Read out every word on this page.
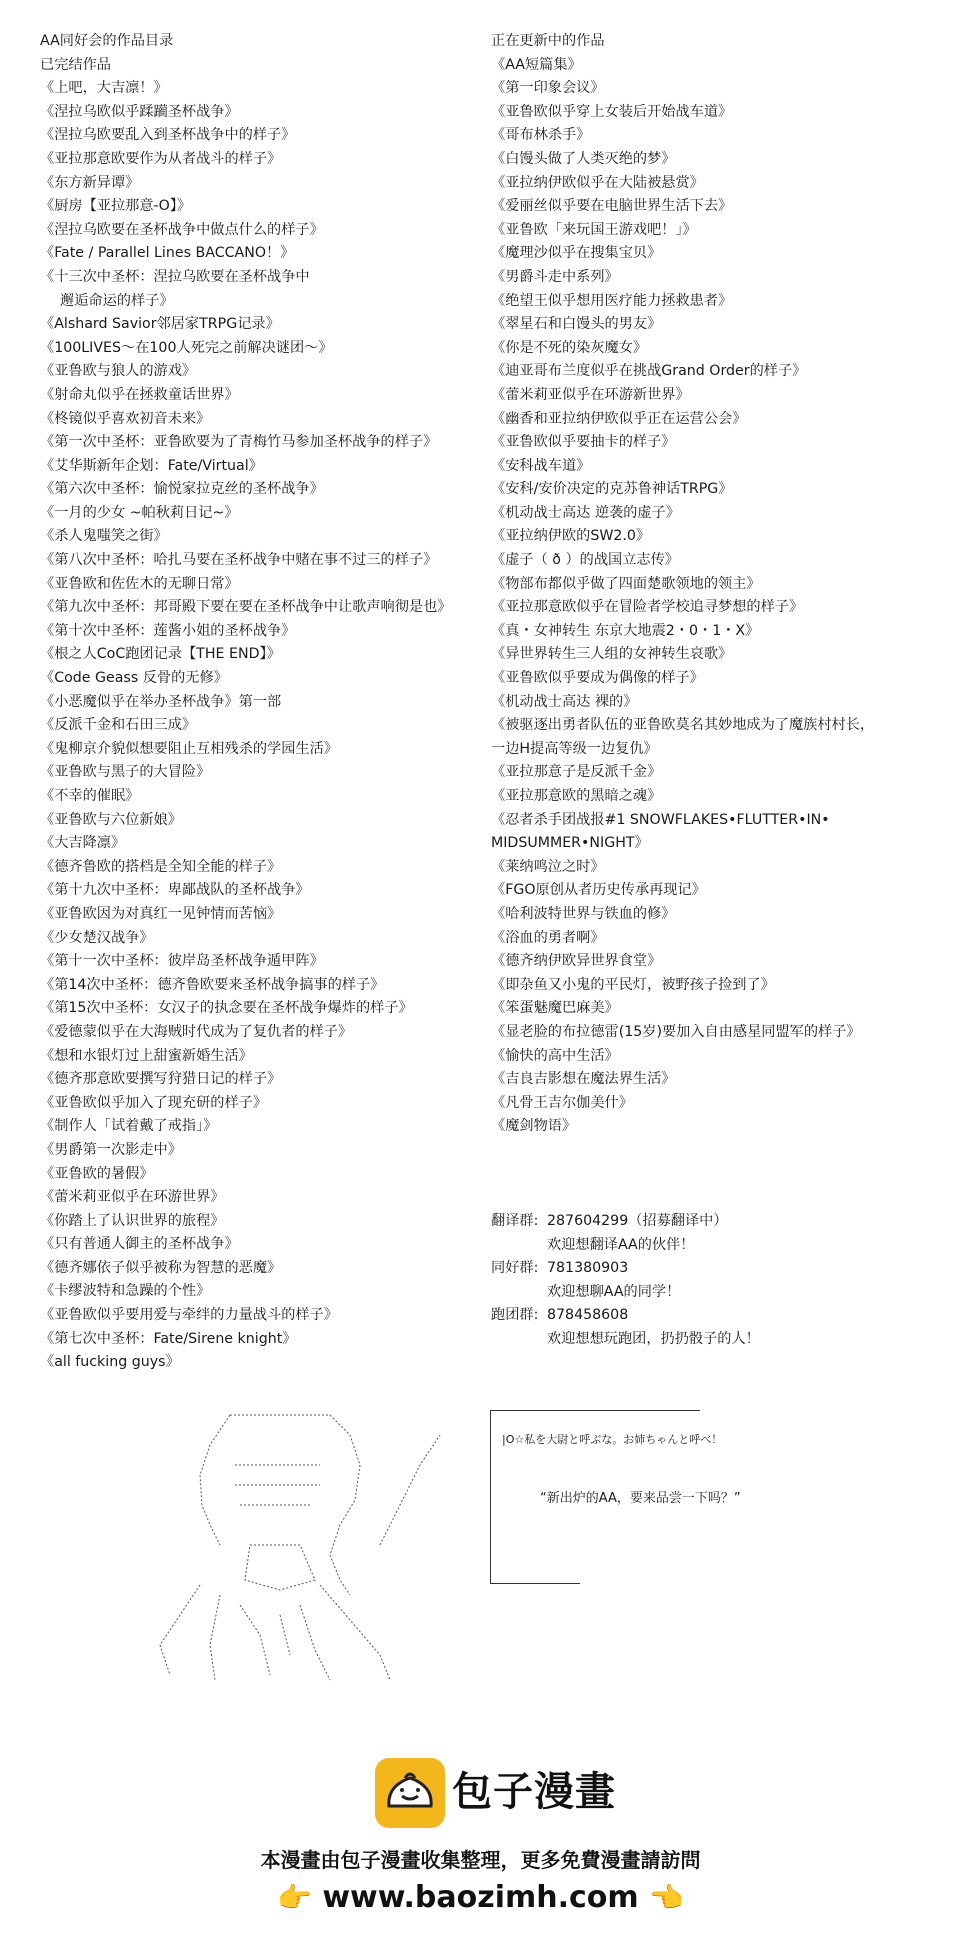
AA同好会的作品目录
已完结作品
《上吧，大吉凛！》
《涅拉乌欧似乎蹂躏圣杯战争》
《涅拉乌欧要乱入到圣杯战争中的样子》
《亚拉那意欧要作为从者战斗的样子》
《东方新异谭》
《厨房【亚拉那意-O】》
《涅拉乌欧要在圣杯战争中做点什么的样子》
《Fate / Parallel Lines BACCANO！》
《十三次中圣杯：涅拉乌欧要在圣杯战争中
邂逅命运的样子》
《Alshard Savior邻居家TRPG记录》
《100LIVES～在100人死完之前解决谜团～》
《亚鲁欧与狼人的游戏》
《射命丸似乎在拯救童话世界》
《柊镜似乎喜欢初音未来》
《第一次中圣杯：亚鲁欧要为了青梅竹马参加圣杯战争的样子》
《艾华斯新年企划：Fate/Virtual》
《第六次中圣杯：愉悦家拉克丝的圣杯战争》
《一月的少女 ~帕秋莉日记~》
《杀人鬼嗤笑之街》
《第八次中圣杯：哈扎马要在圣杯战争中赌在事不过三的样子》
《亚鲁欧和佐佐木的无聊日常》
《第九次中圣杯：邦哥殿下要在要在圣杯战争中让歌声响彻是也》
《第十次中圣杯：莲酱小姐的圣杯战争》
《根之人CoC跑团记录【THE END】》
《Code Geass 反骨的无修》
《小恶魔似乎在举办圣杯战争》第一部
《反派千金和石田三成》
《鬼柳京介貌似想要阻止互相残杀的学园生活》
《亚鲁欧与黑子的大冒险》
《不幸的催眠》
《亚鲁欧与六位新娘》
《大吉降凛》
《德齐鲁欧的搭档是全知全能的样子》
《第十九次中圣杯：卑鄙战队的圣杯战争》
《亚鲁欧因为对真红一见钟情而苦恼》
《少女楚汉战争》
《第十一次中圣杯：彼岸岛圣杯战争遁甲阵》
《第14次中圣杯：德齐鲁欧要来圣杯战争搞事的样子》
《第15次中圣杯：女汉子的执念要在圣杯战争爆炸的样子》
《爱德蒙似乎在大海贼时代成为了复仇者的样子》
《想和水银灯过上甜蜜新婚生活》
《德齐那意欧要撰写狩猎日记的样子》
《亚鲁欧似乎加入了现充研的样子》
《制作人「试着戴了戒指」》
《男爵第一次影走中》
《亚鲁欧的暑假》
《蕾米莉亚似乎在环游世界》
《你踏上了认识世界的旅程》
《只有普通人御主的圣杯战争》
《德齐娜依子似乎被称为智慧的恶魔》
《卡缪波特和急躁的个性》
《亚鲁欧似乎要用爱与牵绊的力量战斗的样子》
《第七次中圣杯：Fate/Sirene knight》
《all fucking guys》
正在更新中的作品
《AA短篇集》
《第一印象会议》
《亚鲁欧似乎穿上女装后开始战车道》
《哥布林杀手》
《白馒头做了人类灭绝的梦》
《亚拉纳伊欧似乎在大陆被悬赏》
《爱丽丝似乎要在电脑世界生活下去》
《亚鲁欧「来玩国王游戏吧！」》
《魔理沙似乎在搜集宝贝》
《男爵斗走中系列》
《绝望王似乎想用医疗能力拯救患者》
《翠星石和白馒头的男友》
《你是不死的染灰魔女》
《迪亚哥布兰度似乎在挑战Grand Order的样子》
《蕾米莉亚似乎在环游新世界》
《幽香和亚拉纳伊欧似乎正在运营公会》
《亚鲁欧似乎要抽卡的样子》
《安科战车道》
《安科/安价决定的克苏鲁神话TRPG》
《机动战士高达 逆袭的虚子》
《亚拉纳伊欧的SW2.0》
《虚子（ ð ）的战国立志传》
《物部布都似乎做了四面楚歌领地的领主》
《亚拉那意欧似乎在冒险者学校追寻梦想的样子》
《真・女神转生 东京大地震2・0・1・X》
《异世界转生三人组的女神转生哀歌》
《亚鲁欧似乎要成为偶像的样子》
《机动战士高达 裸的》
《被驱逐出勇者队伍的亚鲁欧莫名其妙地成为了魔族村村长，
一边H提高等级一边复仇》
《亚拉那意子是反派千金》
《亚拉那意欧的黑暗之魂》
《忍者杀手团战报#1 SNOWFLAKES•FLUTTER•IN•
MIDSUMMER•NIGHT》
《莱纳鸣泣之时》
《FGO原创从者历史传承再现记》
《哈利波特世界与铁血的修》
《浴血的勇者啊》
《德齐纳伊欧异世界食堂》
《即杂鱼又小鬼的平民灯，被野孩子捡到了》
《笨蛋魅魔巴麻美》
《显老脸的布拉德雷(15岁)要加入自由感星同盟军的样子》
《愉快的高中生活》
《吉良吉影想在魔法界生活》
《凡骨王吉尔伽美什》
《魔剑物语》
翻译群: 287604299（招募翻译中）
欢迎想翻译AA的伙伴！
同好群: 781380903
欢迎想聊AA的同学！
跑团群: 878458608
欢迎想想玩跑团，扔扔骰子的人！
|O☆私を大尉と呼ぶな。お姉ちゃんと呼べ！
“新出炉的AA，要来品尝一下吗？”
包子漫畫
本漫畫由包子漫畫收集整理，更多免費漫畫請訪問
👉 www.baozimh.com 👈
